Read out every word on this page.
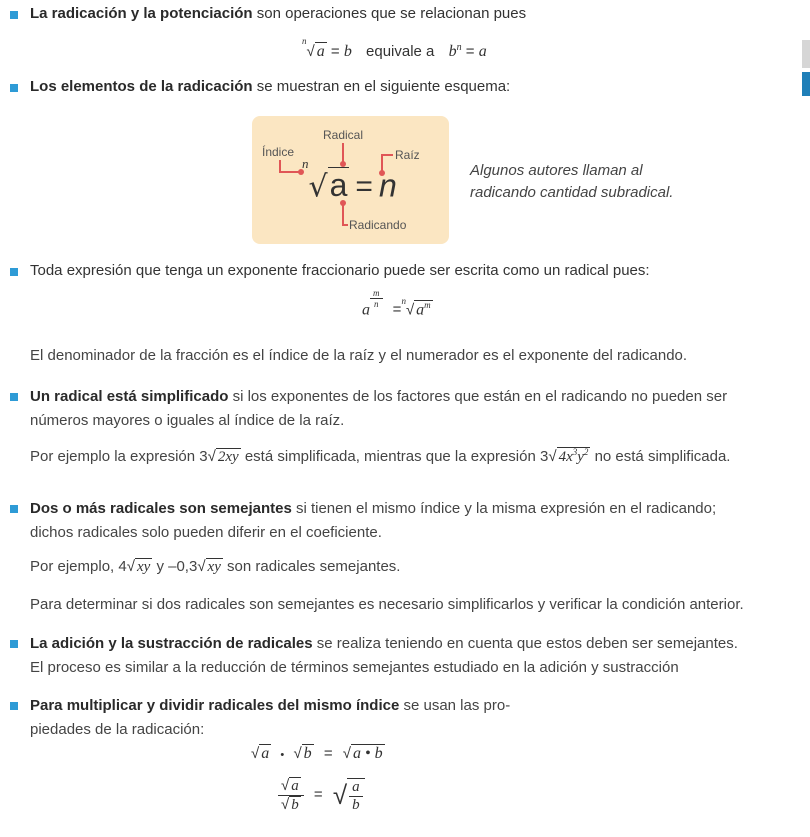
La radicación y la potenciación son operaciones que se relacionan pues
$^n$√ a = b equivale a $b^n = a$
Los elementos de la radicación se muestran en el siguiente esquema:
Radical
Índice	Raíz
Radicando
$^n$√a = n	Algunos autores llaman al
radicando cantidad subradical.
Toda expresión que tenga un exponente fraccionario puede ser escrita como un radical pues:
a
$\frac{m}{n}$
=$^n$√ $a^m$
El denominador de la fracción es el índice de la raíz y el numerador es el exponente del radicando.
Un radical está simplificado si los exponentes de los factores que están en el radicando no pueden ser
números mayores o iguales al índice de la raíz.
Por ejemplo la expresión 3√ 2xy está simplificada, mientras que la expresión 3√ $4x^3y^2$ no está simplificada.
Dos o más radicales son semejantes si tienen el mismo índice y la misma expresión en el radicando;
dichos radicales solo pueden diferir en el coeficiente.
Por ejemplo, 4√ xy y –0,3√ xy son radicales semejantes.
Para determinar si dos radicales son semejantes es necesario simplificarlos y verificar la condición anterior.
La adición y la sustracción de radicales se realiza teniendo en cuenta que estos deben ser semejantes.
El proceso es similar a la reducción de términos semejantes estudiado en la adición y sustracción
Para multiplicar y dividir radicales del mismo índice se usan las pro-
piedades de la radicación:
√ a • √ b = √ a • b
$\frac{√ a}{√ b}$ = √ $\frac{a}{b}$
